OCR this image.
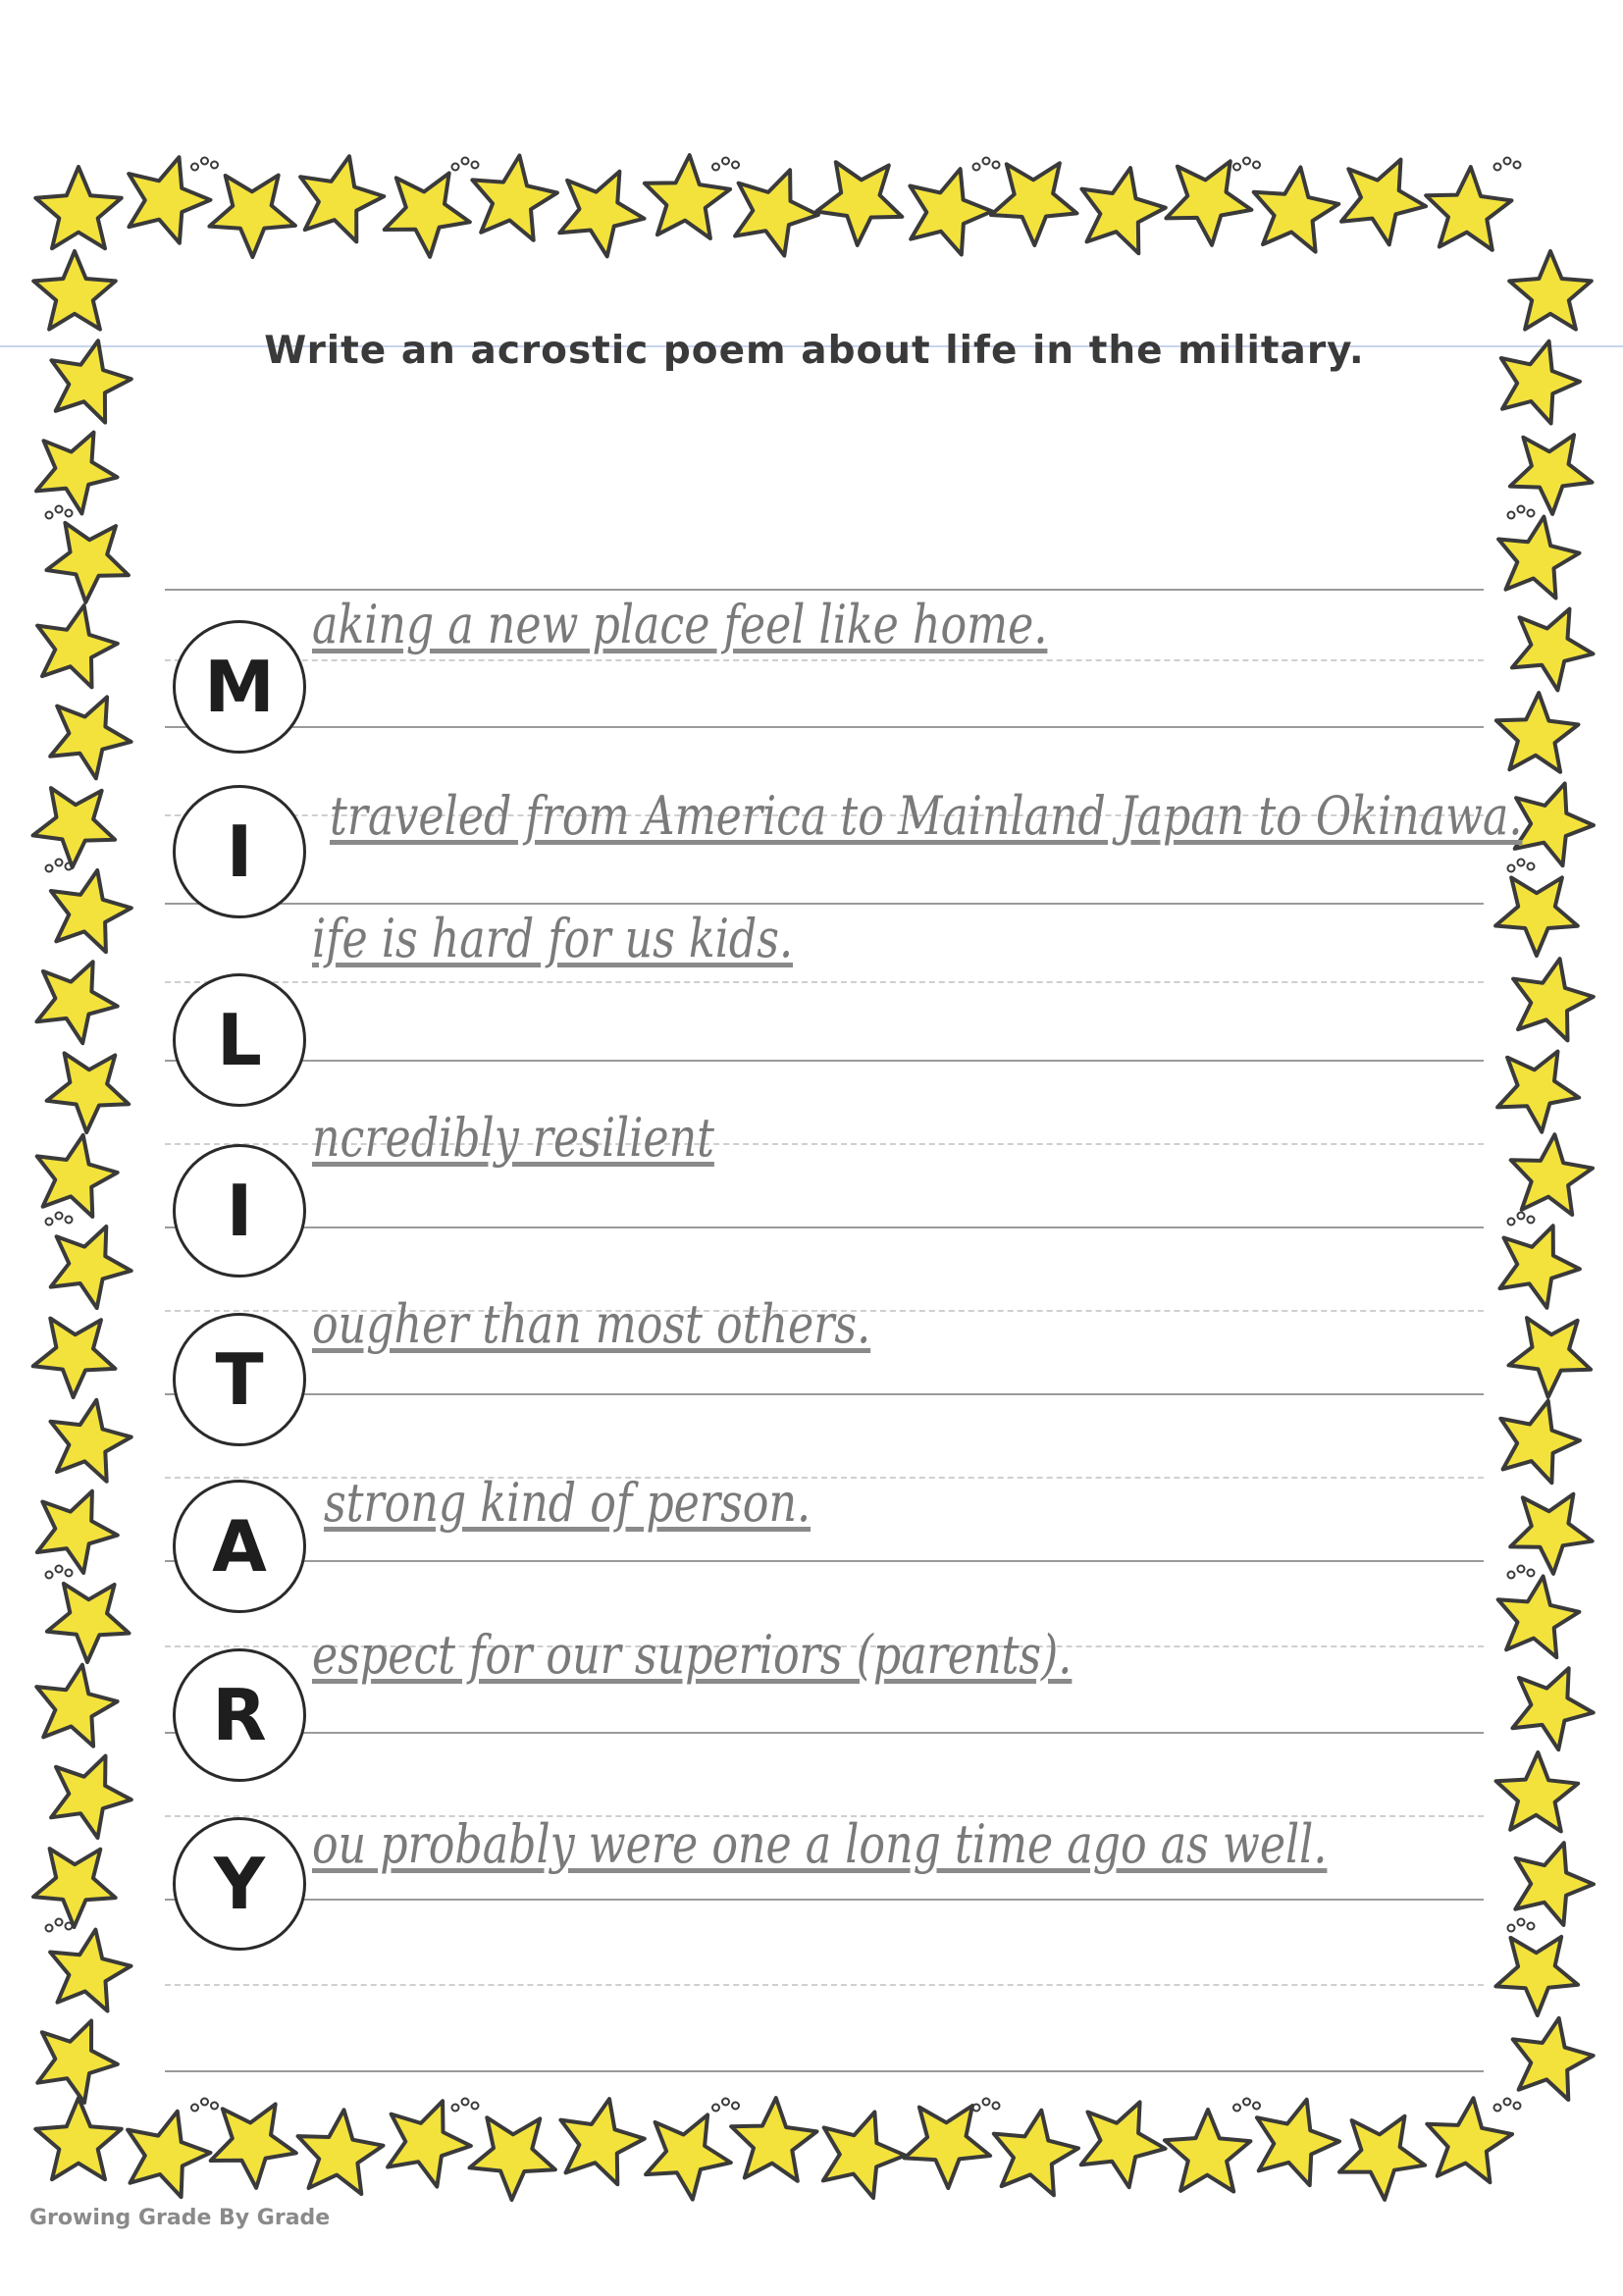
Write an acrostic poem about life in the military.
M
aking a new place feel like home.
I	traveled from America to Mainland Japan to Okinawa.
L
ife is hard for us kids.
I
ncredibly resilient
T
ougher than most others.
A
strong kind of person.
R
espect for our superiors (parents).
Y ou probably were one a long time ago as well.
Growing Grade By Grade
